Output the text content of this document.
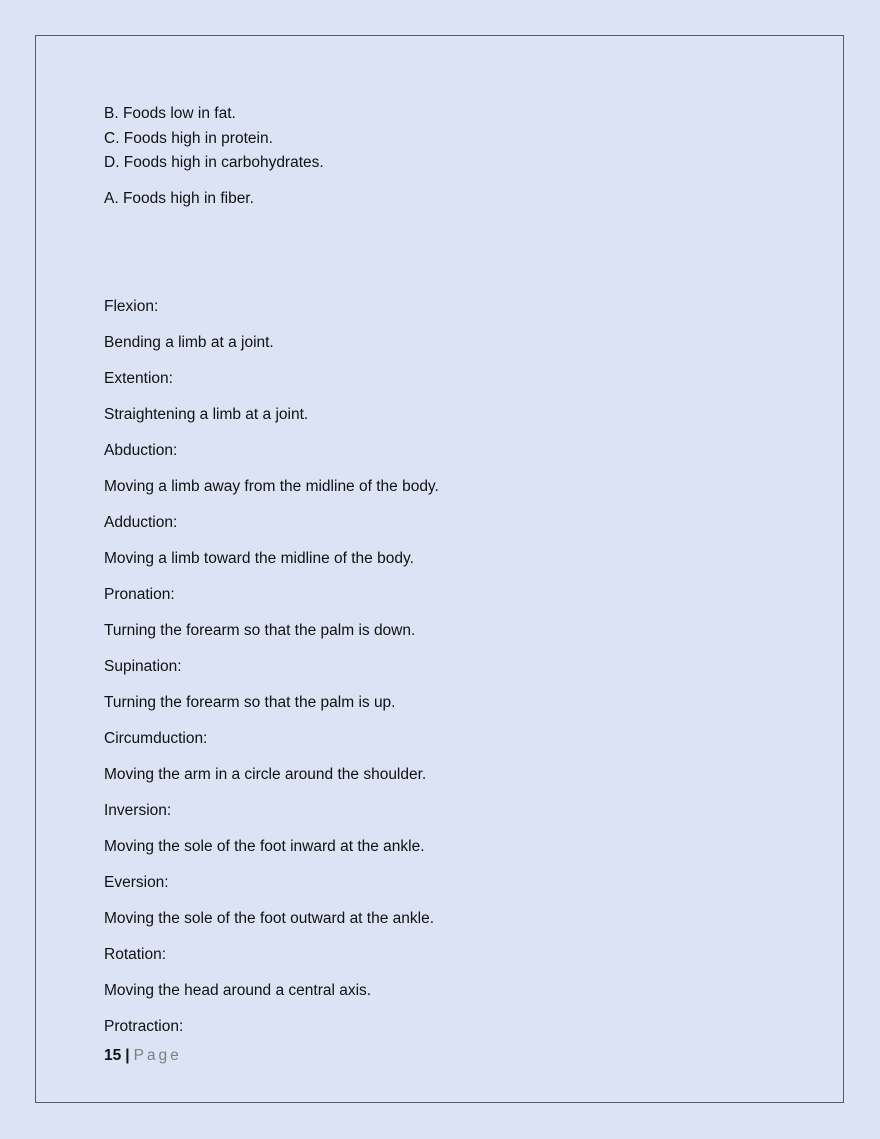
B. Foods low in fat.
C. Foods high in protein.
D. Foods high in carbohydrates.
A. Foods high in fiber.
Flexion:
Bending a limb at a joint.
Extention:
Straightening a limb at a joint.
Abduction:
Moving a limb away from the midline of the body.
Adduction:
Moving a limb toward the midline of the body.
Pronation:
Turning the forearm so that the palm is down.
Supination:
Turning the forearm so that the palm is up.
Circumduction:
Moving the arm in a circle around the shoulder.
Inversion:
Moving the sole of the foot inward at the ankle.
Eversion:
Moving the sole of the foot outward at the ankle.
Rotation:
Moving the head around a central axis.
Protraction:
15 | Page
